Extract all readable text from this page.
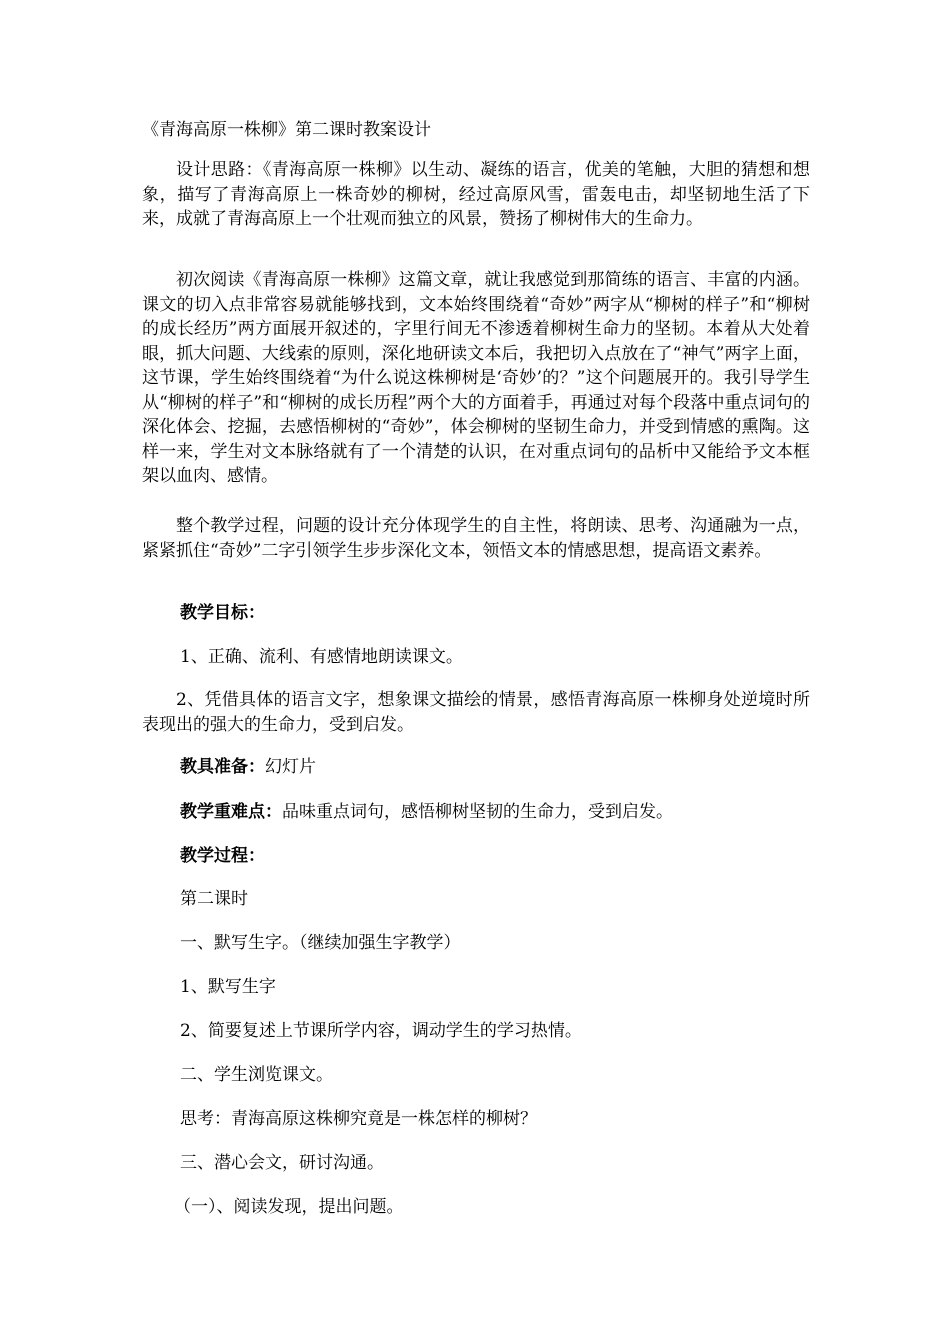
《青海高原一株柳》第二课时教案设计

设计思路：《青海高原一株柳》以生动、凝练的语言，优美的笔触，大胆的猜想和想象，描写了青海高原上一株奇妙的柳树，经过高原风雪，雷轰电击，却坚韧地生活了下来，成就了青海高原上一个壮观而独立的风景，赞扬了柳树伟大的生命力。

初次阅读《青海高原一株柳》这篇文章，就让我感觉到那简练的语言、丰富的内涵。课文的切入点非常容易就能够找到，文本始终围绕着“奇妙”两字从“柳树的样子”和“柳树的成长经历”两方面展开叙述的，字里行间无不渗透着柳树生命力的坚韧。本着从大处着眼，抓大问题、大线索的原则，深化地研读文本后，我把切入点放在了“神气”两字上面，这节课，学生始终围绕着“为什么说这株柳树是‘奇妙’的？”这个问题展开的。我引导学生从“柳树的样子”和“柳树的成长历程”两个大的方面着手，再通过对每个段落中重点词句的深化体会、挖掘，去感悟柳树的“奇妙”，体会柳树的坚韧生命力，并受到情感的熏陶。这样一来，学生对文本脉络就有了一个清楚的认识，在对重点词句的品析中又能给予文本框架以血肉、感情。

整个教学过程，问题的设计充分体现学生的自主性，将朗读、思考、沟通融为一点，紧紧抓住“奇妙”二字引领学生步步深化文本，领悟文本的情感思想，提高语文素养。

教学目标：
1、正确、流利、有感情地朗读课文。

2、凭借具体的语言文字，想象课文描绘的情景，感悟青海高原一株柳身处逆境时所表现出的强大的生命力，受到启发。

教具准备：幻灯片
教学重难点：品味重点词句，感悟柳树坚韧的生命力，受到启发。
教学过程：
第二课时
一、默写生字。（继续加强生字教学）
1、默写生字
2、简要复述上节课所学内容，调动学生的学习热情。
二、学生浏览课文。
思考：青海高原这株柳究竟是一株怎样的柳树？
三、潜心会文，研讨沟通。
（一）、阅读发现，提出问题。
